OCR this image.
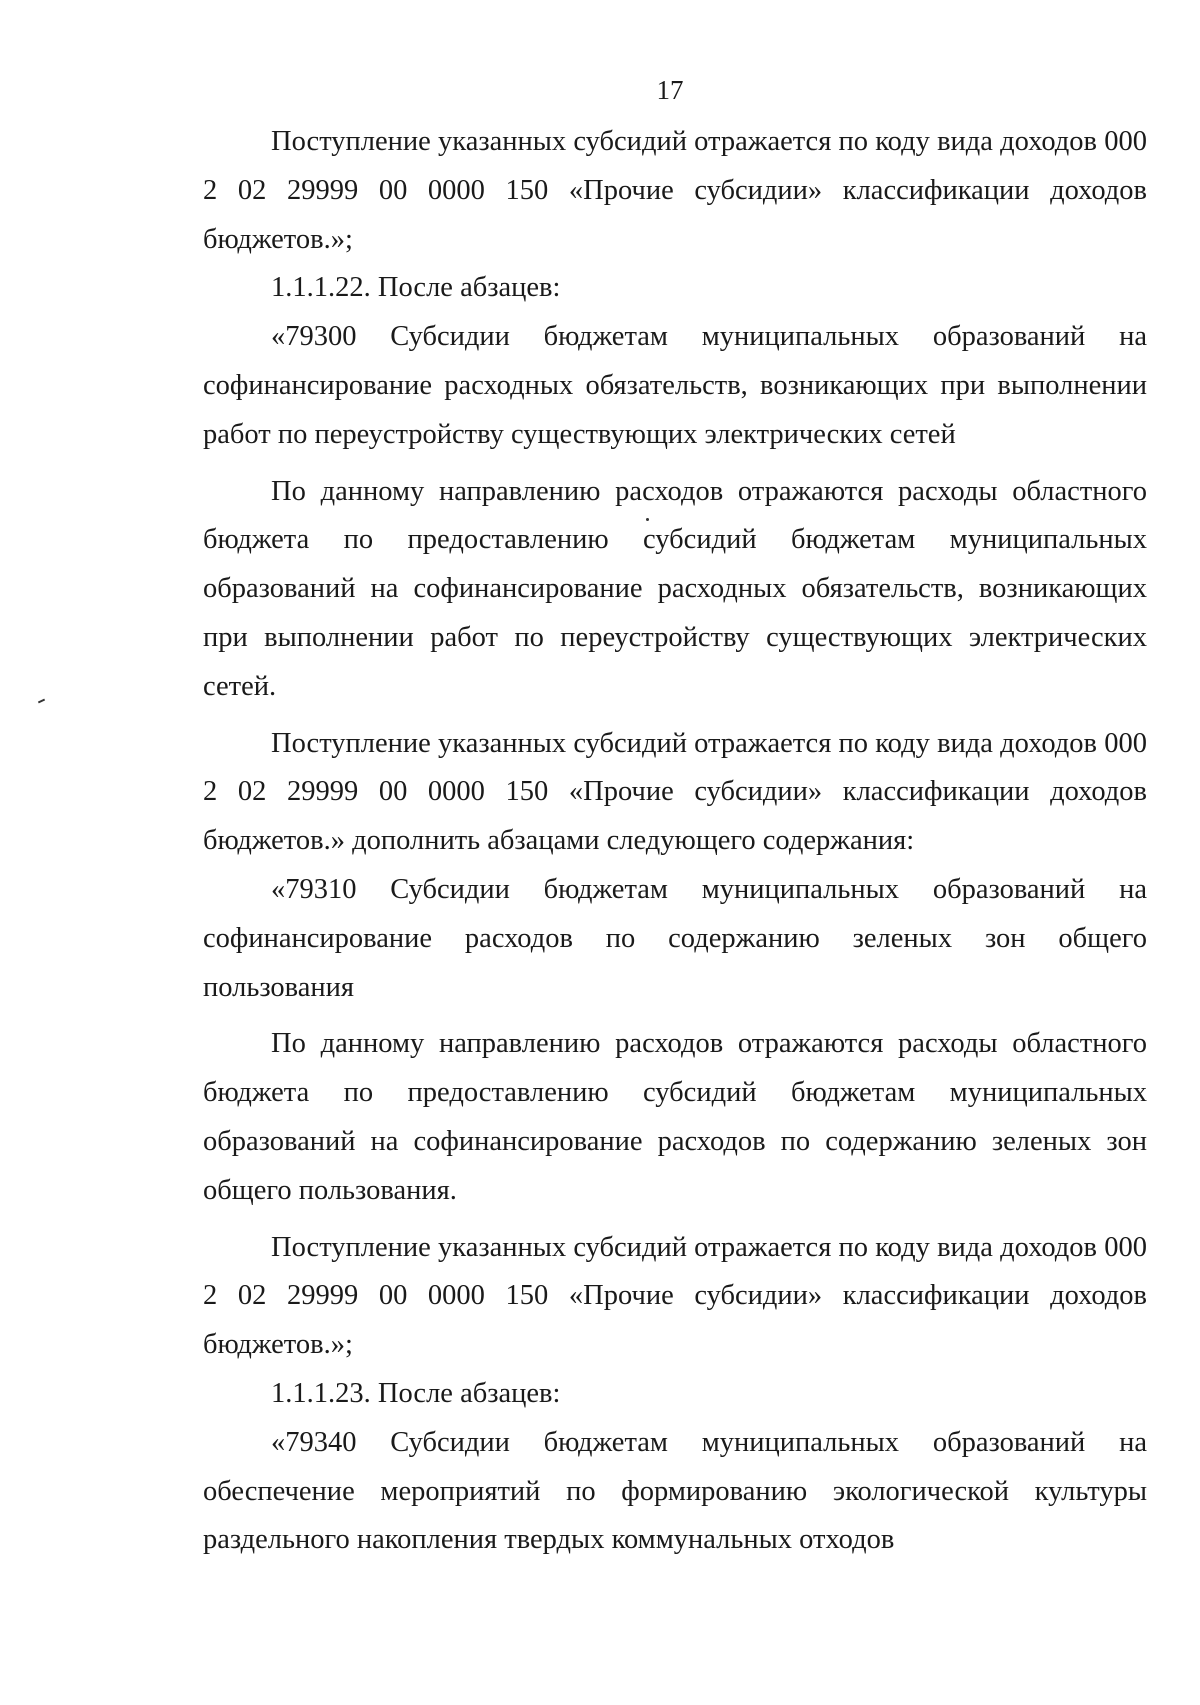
17

Поступление указанных субсидий отражается по коду вида доходов 000 2 02 29999 00 0000 150 «Прочие субсидии» классификации доходов бюджетов.»;

1.1.1.22. После абзацев:

«79300 Субсидии бюджетам муниципальных образований на софинансирование расходных обязательств, возникающих при выполнении работ по переустройству существующих электрических сетей

По данному направлению расходов отражаются расходы областного бюджета по предоставлению субсидий бюджетам муниципальных образований на софинансирование расходных обязательств, возникающих при выполнении работ по переустройству существующих электрических сетей.

Поступление указанных субсидий отражается по коду вида доходов 000 2 02 29999 00 0000 150 «Прочие субсидии» классификации доходов бюджетов.» дополнить абзацами следующего содержания:

«79310 Субсидии бюджетам муниципальных образований на софинансирование расходов по содержанию зеленых зон общего пользования

По данному направлению расходов отражаются расходы областного бюджета по предоставлению субсидий бюджетам муниципальных образований на софинансирование расходов по содержанию зеленых зон общего пользования.

Поступление указанных субсидий отражается по коду вида доходов 000 2 02 29999 00 0000 150 «Прочие субсидии» классификации доходов бюджетов.»;

1.1.1.23. После абзацев:

«79340 Субсидии бюджетам муниципальных образований на обеспечение мероприятий по формированию экологической культуры раздельного накопления твердых коммунальных отходов
